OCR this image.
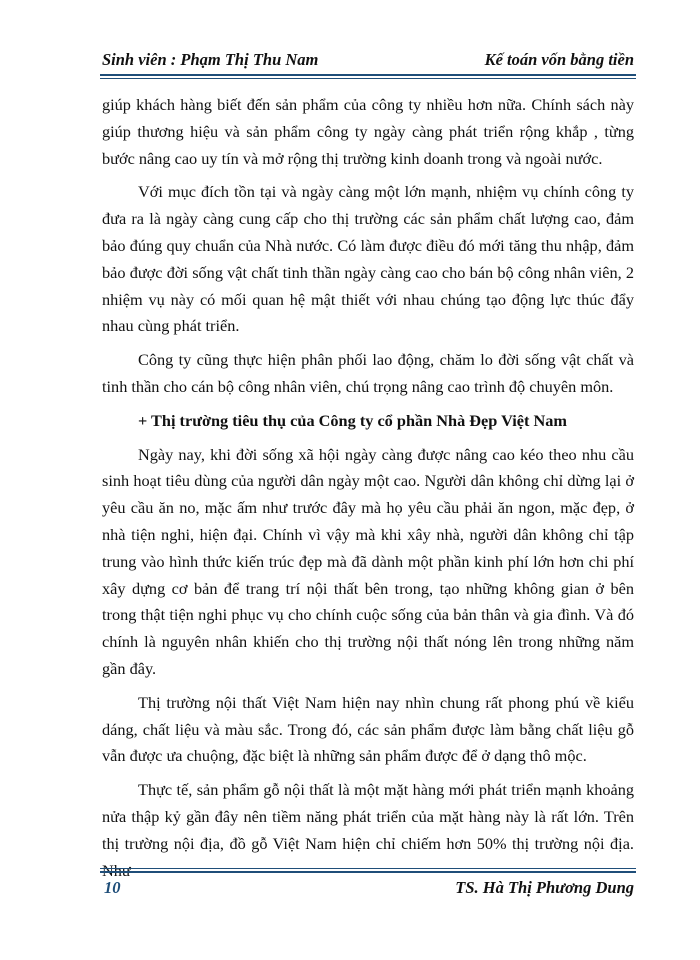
Sinh viên : Phạm Thị Thu Nam	Kế toán vốn bằng tiền

giúp khách hàng biết đến sản phẩm của công ty nhiều hơn nữa. Chính sách này giúp thương hiệu và sản phẩm công ty ngày càng phát triển rộng khắp , từng bước nâng cao uy tín và mở rộng thị trường kinh doanh trong và ngoài nước.

Với mục đích tồn tại và ngày càng một lớn mạnh, nhiệm vụ chính công ty đưa ra là ngày càng cung cấp cho thị trường các sản phẩm chất lượng cao, đảm bảo đúng quy chuẩn của Nhà nước. Có làm được điều đó mới tăng thu nhập, đảm bảo được đời sống vật chất tinh thần ngày càng cao cho bán bộ công nhân viên, 2 nhiệm vụ này có mối quan hệ mật thiết với nhau chúng tạo động lực thúc đẩy nhau cùng phát triển.

Công ty cũng thực hiện phân phối lao động, chăm lo đời sống vật chất và tinh thần cho cán bộ công nhân viên, chú trọng nâng cao trình độ chuyên môn.

+ Thị trường tiêu thụ của Công ty cổ phần Nhà Đẹp Việt Nam

Ngày nay, khi đời sống xã hội ngày càng được nâng cao kéo theo nhu cầu sinh hoạt tiêu dùng của người dân ngày một cao. Người dân không chỉ dừng lại ở yêu cầu ăn no, mặc ấm như trước đây mà họ yêu cầu phải ăn ngon, mặc đẹp, ở nhà tiện nghi, hiện đại. Chính vì vậy mà khi xây nhà, người dân không chỉ tập trung vào hình thức kiến trúc đẹp mà đã dành một phần kinh phí lớn hơn chi phí xây dựng cơ bản để trang trí nội thất bên trong, tạo những không gian ở bên trong thật tiện nghi phục vụ cho chính cuộc sống của bản thân và gia đình. Và đó chính là nguyên nhân khiến cho thị trường nội thất nóng lên trong những năm gần đây.

Thị trường nội thất Việt Nam hiện nay nhìn chung rất phong phú về kiểu dáng, chất liệu và màu sắc. Trong đó, các sản phẩm được làm bằng chất liệu gỗ vẫn được ưa chuộng, đặc biệt là những sản phẩm được để ở dạng thô mộc.

Thực tế, sản phẩm gỗ nội thất là một mặt hàng mới phát triển mạnh khoảng nửa thập kỷ gần đây nên tiềm năng phát triển của mặt hàng này là rất lớn. Trên thị trường nội địa, đồ gỗ Việt Nam hiện chỉ chiếm hơn 50% thị trường nội địa. Như

10	TS. Hà Thị Phương Dung
